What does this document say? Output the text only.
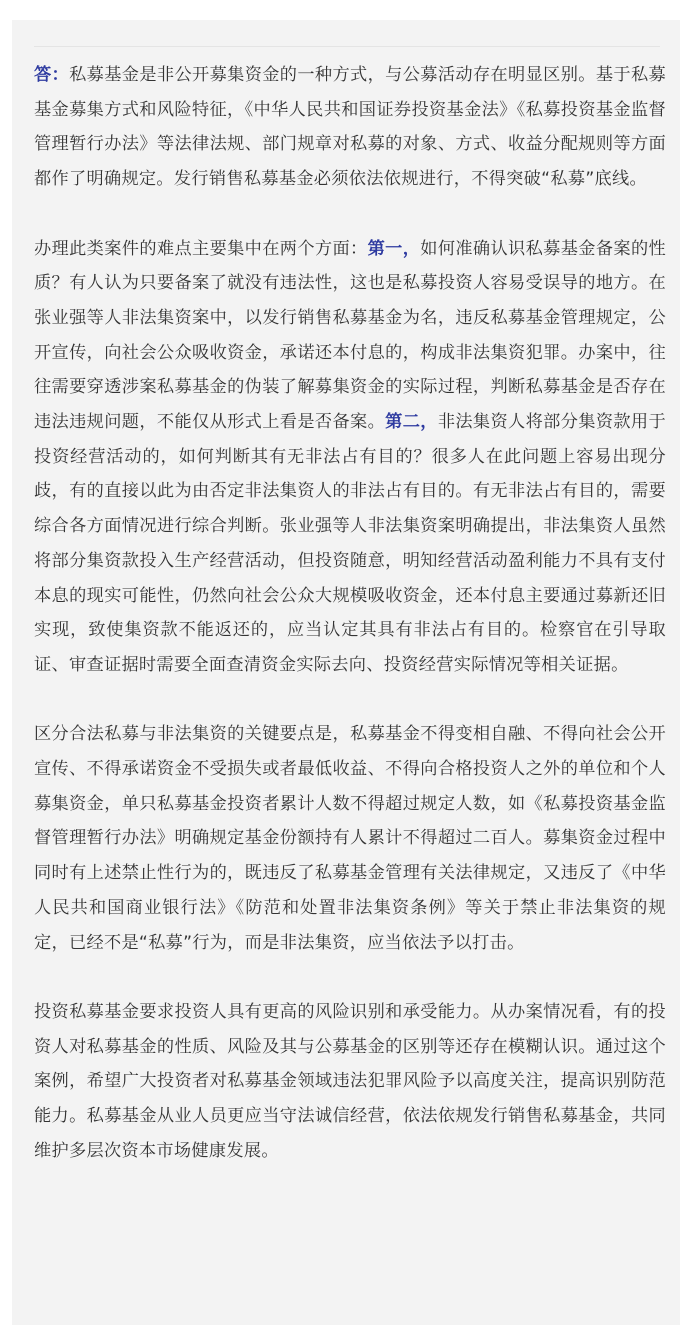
答：私募基金是非公开募集资金的一种方式，与公募活动存在明显区别。基于私募基金募集方式和风险特征，《中华人民共和国证券投资基金法》《私募投资基金监督管理暂行办法》等法律法规、部门规章对私募的对象、方式、收益分配规则等方面都作了明确规定。发行销售私募基金必须依法依规进行，不得突破“私募”底线。

办理此类案件的难点主要集中在两个方面：第一，如何准确认识私募基金备案的性质？有人认为只要备案了就没有违法性，这也是私募投资人容易受误导的地方。在张业强等人非法集资案中，以发行销售私募基金为名，违反私募基金管理规定，公开宣传，向社会公众吸收资金，承诺还本付息的，构成非法集资犯罪。办案中，往往需要穿透涉案私募基金的伪装了解募集资金的实际过程，判断私募基金是否存在违法违规问题，不能仅从形式上看是否备案。第二，非法集资人将部分集资款用于投资经营活动的，如何判断其有无非法占有目的？很多人在此问题上容易出现分歧，有的直接以此为由否定非法集资人的非法占有目的。有无非法占有目的，需要综合各方面情况进行综合判断。张业强等人非法集资案明确提出，非法集资人虽然将部分集资款投入生产经营活动，但投资随意，明知经营活动盈利能力不具有支付本息的现实可能性，仍然向社会公众大规模吸收资金，还本付息主要通过募新还旧实现，致使集资款不能返还的，应当认定其具有非法占有目的。检察官在引导取证、审查证据时需要全面查清资金实际去向、投资经营实际情况等相关证据。

区分合法私募与非法集资的关键要点是，私募基金不得变相自融、不得向社会公开宣传、不得承诺资金不受损失或者最低收益、不得向合格投资人之外的单位和个人募集资金，单只私募基金投资者累计人数不得超过规定人数，如《私募投资基金监督管理暂行办法》明确规定基金份额持有人累计不得超过二百人。募集资金过程中同时有上述禁止性行为的，既违反了私募基金管理有关法律规定，又违反了《中华人民共和国商业银行法》《防范和处置非法集资条例》等关于禁止非法集资的规定，已经不是“私募”行为，而是非法集资，应当依法予以打击。

投资私募基金要求投资人具有更高的风险识别和承受能力。从办案情况看，有的投资人对私募基金的性质、风险及其与公募基金的区别等还存在模糊认识。通过这个案例，希望广大投资者对私募基金领域违法犯罪风险予以高度关注，提高识别防范能力。私募基金从业人员更应当守法诚信经营，依法依规发行销售私募基金，共同维护多层次资本市场健康发展。
